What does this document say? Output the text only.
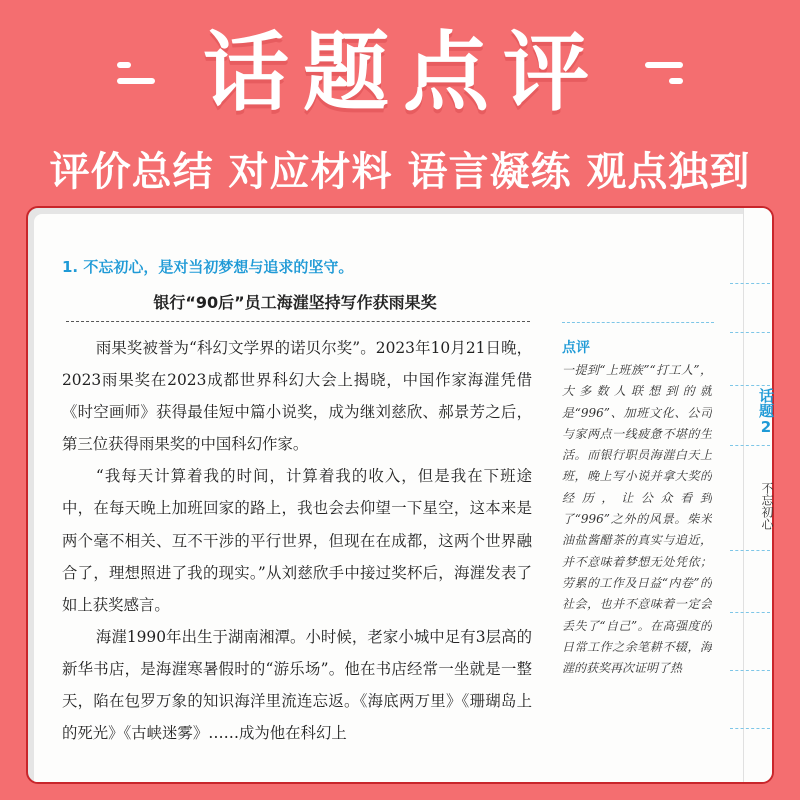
话题点评
评价总结 对应材料 语言凝练 观点独到
话题2
不忘初心
1. 不忘初心，是对当初梦想与追求的坚守。
银行“90后”员工海漄坚持写作获雨果奖

雨果奖被誉为“科幻文学界的诺贝尔奖”。2023年10月21日晚，2023雨果奖在2023成都世界科幻大会上揭晓，中国作家海漄凭借《时空画师》获得最佳短中篇小说奖，成为继刘慈欣、郝景芳之后，第三位获得雨果奖的中国科幻作家。

“我每天计算着我的时间，计算着我的收入，但是我在下班途中，在每天晚上加班回家的路上，我也会去仰望一下星空，这本来是两个毫不相关、互不干涉的平行世界，但现在在成都，这两个世界融合了，理想照进了我的现实。”从刘慈欣手中接过奖杯后，海漄发表了如上获奖感言。

海漄1990年出生于湖南湘潭。小时候，老家小城中足有3层高的新华书店，是海漄寒暑假时的“游乐场”。他在书店经常一坐就是一整天，陷在包罗万象的知识海洋里流连忘返。《海底两万里》《珊瑚岛上的死光》《古峡迷雾》……成为他在科幻上

点评
一提到“上班族”“打工人”，大多数人联想到的就是“996”、加班文化、公司与家两点一线疲惫不堪的生活。而银行职员海漄白天上班，晚上写小说并拿大奖的经历，让公众看到了“996”之外的风景。柴米油盐酱醋茶的真实与追近，并不意味着梦想无处凭依；劳累的工作及日益“内卷”的社会，也并不意味着一定会丢失了“自己”。在高强度的日常工作之余笔耕不辍，海漄的获奖再次证明了热
